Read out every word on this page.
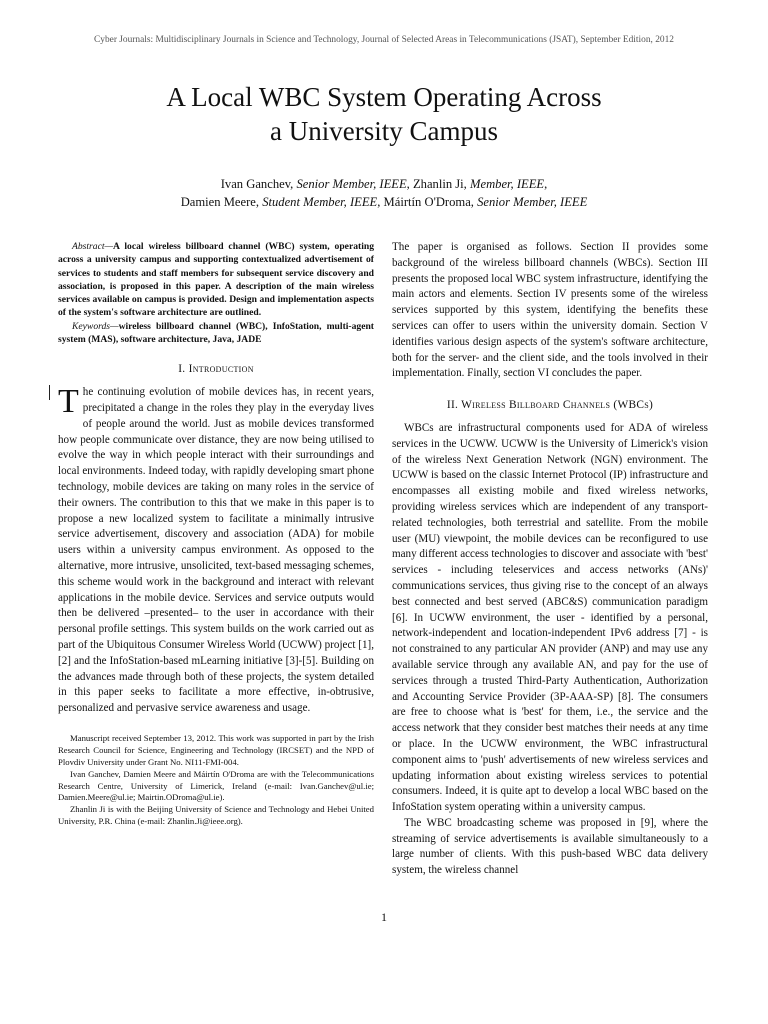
Cyber Journals: Multidisciplinary Journals in Science and Technology, Journal of Selected Areas in Telecommunications (JSAT), September Edition, 2012
A Local WBC System Operating Across
a University Campus
Ivan Ganchev, Senior Member, IEEE, Zhanlin Ji, Member, IEEE,
Damien Meere, Student Member, IEEE, Máirtín O'Droma, Senior Member, IEEE

Abstract—A local wireless billboard channel (WBC) system, operating across a university campus and supporting contextualized advertisement of services to students and staff members for subsequent service discovery and association, is proposed in this paper. A description of the main wireless services available on campus is provided. Design and implementation aspects of the system's software architecture are outlined.

Keywords—wireless billboard channel (WBC), InfoStation, multi-agent system (MAS), software architecture, Java, JADE

I. Introduction

The continuing evolution of mobile devices has, in recent years, precipitated a change in the roles they play in the everyday lives of people around the world. Just as mobile devices transformed how people communicate over distance, they are now being utilised to evolve the way in which people interact with their surroundings and local environments. Indeed today, with rapidly developing smart phone technology, mobile devices are taking on many roles in the service of their owners. The contribution to this that we make in this paper is to propose a new localized system to facilitate a minimally intrusive service advertisement, discovery and association (ADA) for mobile users within a university campus environment. As opposed to the alternative, more intrusive, unsolicited, text-based messaging schemes, this scheme would work in the background and interact with relevant applications in the mobile device. Services and service outputs would then be delivered –presented– to the user in accordance with their personal profile settings. This system builds on the work carried out as part of the Ubiquitous Consumer Wireless World (UCWW) project [1], [2] and the InfoStation-based mLearning initiative [3]-[5]. Building on the advances made through both of these projects, the system detailed in this paper seeks to facilitate a more effective, in-obtrusive, personalized and pervasive service awareness and usage.

Manuscript received September 13, 2012. This work was supported in part by the Irish Research Council for Science, Engineering and Technology (IRCSET) and the NPD of Plovdiv University under Grant No. NI11-FMI-004.

Ivan Ganchev, Damien Meere and Máirtín O'Droma are with the Telecommunications Research Centre, University of Limerick, Ireland (e-mail: Ivan.Ganchev@ul.ie; Damien.Meere@ul.ie; Mairtin.ODroma@ul.ie).

Zhanlin Ji is with the Beijing University of Science and Technology and Hebei United University, P.R. China (e-mail: Zhanlin.Ji@ieee.org).

The paper is organised as follows. Section II provides some background of the wireless billboard channels (WBCs). Section III presents the proposed local WBC system infrastructure, identifying the main actors and elements. Section IV presents some of the wireless services supported by this system, identifying the benefits these services can offer to users within the university domain. Section V identifies various design aspects of the system's software architecture, both for the server- and the client side, and the tools involved in their implementation. Finally, section VI concludes the paper.

II. Wireless Billboard Channels (WBCs)

WBCs are infrastructural components used for ADA of wireless services in the UCWW. UCWW is the University of Limerick's vision of the wireless Next Generation Network (NGN) environment. The UCWW is based on the classic Internet Protocol (IP) infrastructure and encompasses all existing mobile and fixed wireless networks, providing wireless services which are independent of any transport-related technologies, both terrestrial and satellite. From the mobile user (MU) viewpoint, the mobile devices can be reconfigured to use many different access technologies to discover and associate with 'best' services - including teleservices and access networks (ANs)' communications services, thus giving rise to the concept of an always best connected and best served (ABC&S) communication paradigm [6]. In UCWW environment, the user - identified by a personal, network-independent and location-independent IPv6 address [7] - is not constrained to any particular AN provider (ANP) and may use any available service through any available AN, and pay for the use of services through a trusted Third-Party Authentication, Authorization and Accounting Service Provider (3P-AAA-SP) [8]. The consumers are free to choose what is 'best' for them, i.e., the service and the access network that they consider best matches their needs at any time or place. In the UCWW environment, the WBC infrastructural component aims to 'push' advertisements of new wireless services and updating information about existing wireless services to potential consumers. Indeed, it is quite apt to develop a local WBC based on the InfoStation system operating within a university campus.

The WBC broadcasting scheme was proposed in [9], where the streaming of service advertisements is available simultaneously to a large number of clients. With this push-based WBC data delivery system, the wireless channel

1
